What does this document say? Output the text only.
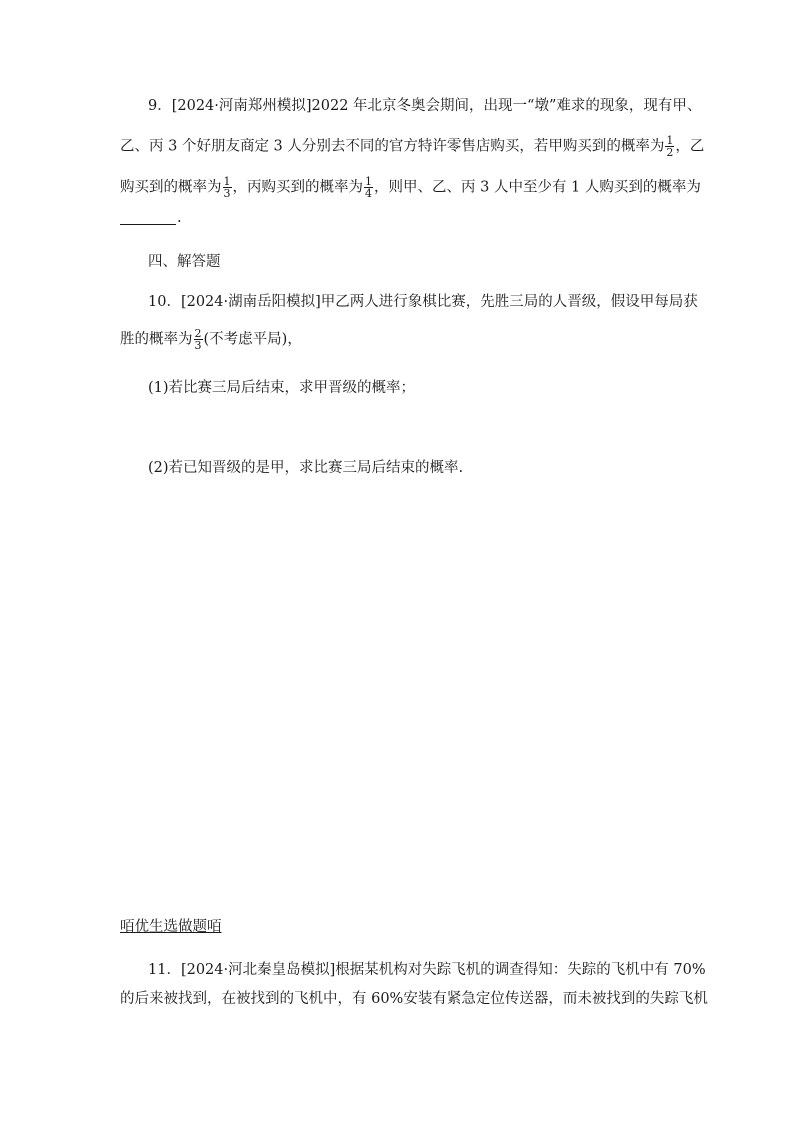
9．[2024·河南郑州模拟]2022 年北京冬奥会期间，出现一“墩”难求的现象，现有甲、
乙、丙 3 个好朋友商定 3 人分别去不同的官方特许零售店购买，若甲购买到的概率为 $\frac{1}{2}$ ，乙
购买到的概率为 $\frac{1}{3}$ ，丙购买到的概率为 $\frac{1}{4}$ ，则甲、乙、丙 3 人中至少有 1 人购买到的概率为
.
四、解答题
10．[2024·湖南岳阳模拟]甲乙两人进行象棋比赛，先胜三局的人晋级，假设甲每局获
胜的概率为 $\frac{2}{3}$ (不考虑平局)，
(1)若比赛三局后结束，求甲晋级的概率；
(2)若已知晋级的是甲，求比赛三局后结束的概率.
咟优生选做题咟
11．[2024·河北秦皇岛模拟]根据某机构对失踪飞机的调查得知：失踪的飞机中有 70%
的后来被找到，在被找到的飞机中，有 60%安装有紧急定位传送器，而未被找到的失踪飞机
